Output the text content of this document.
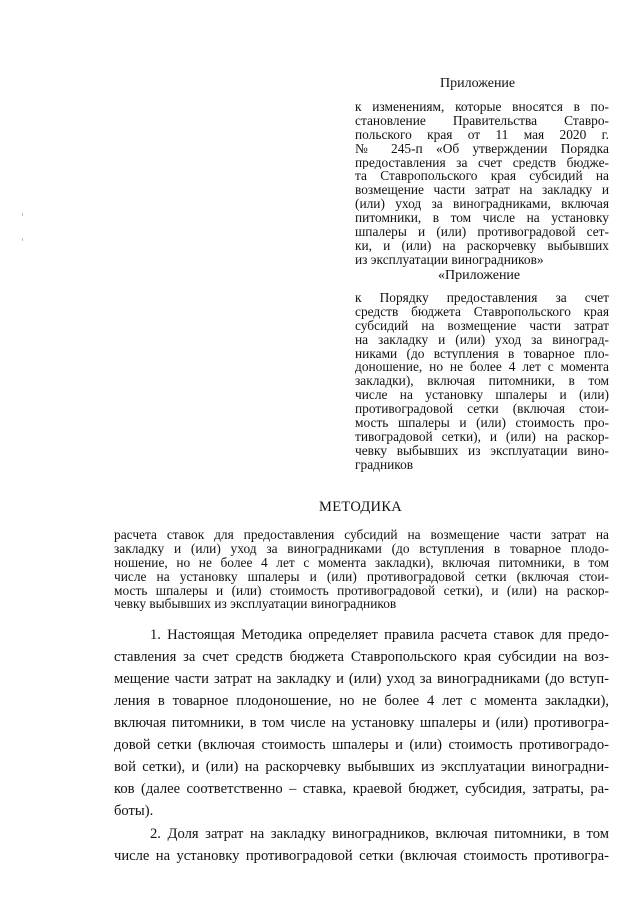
Приложение
к изменениям, которые вносятся в по-
становление Правительства Ставро-
польского края от 11 мая 2020 г.
№ 245-п «Об утверждении Порядка
предоставления за счет средств бюдже-
та Ставропольского края субсидий на
возмещение части затрат на закладку и
(или) уход за виноградниками, включая
питомники, в том числе на установку
шпалеры и (или) противоградовой сет-
ки, и (или) на раскорчевку выбывших
из эксплуатации виноградников»
«Приложение
к Порядку предоставления за счет
средств бюджета Ставропольского края
субсидий на возмещение части затрат
на закладку и (или) уход за виноград-
никами (до вступления в товарное пло-
доношение, но не более 4 лет с момента
закладки), включая питомники, в том
числе на установку шпалеры и (или)
противоградовой сетки (включая стои-
мость шпалеры и (или) стоимость про-
тивоградовой сетки), и (или) на раскор-
чевку выбывших из эксплуатации вино-
градников
МЕТОДИКА
расчета ставок для предоставления субсидий на возмещение части затрат на
закладку и (или) уход за виноградниками (до вступления в товарное плодо-
ношение, но не более 4 лет с момента закладки), включая питомники, в том
числе на установку шпалеры и (или) противоградовой сетки (включая стои-
мость шпалеры и (или) стоимость противоградовой сетки), и (или) на раскор-
чевку выбывших из эксплуатации виноградников
1. Настоящая Методика определяет правила расчета ставок для предо-
ставления за счет средств бюджета Ставропольского края субсидии на воз-
мещение части затрат на закладку и (или) уход за виноградниками (до вступ-
ления в товарное плодоношение, но не более 4 лет с момента закладки),
включая питомники, в том числе на установку шпалеры и (или) противогра-
довой сетки (включая стоимость шпалеры и (или) стоимость противоградо-
вой сетки), и (или) на раскорчевку выбывших из эксплуатации виноградни-
ков (далее соответственно – ставка, краевой бюджет, субсидия, затраты, ра-
боты).
2. Доля затрат на закладку виноградников, включая питомники, в том
числе на установку противоградовой сетки (включая стоимость противогра-
